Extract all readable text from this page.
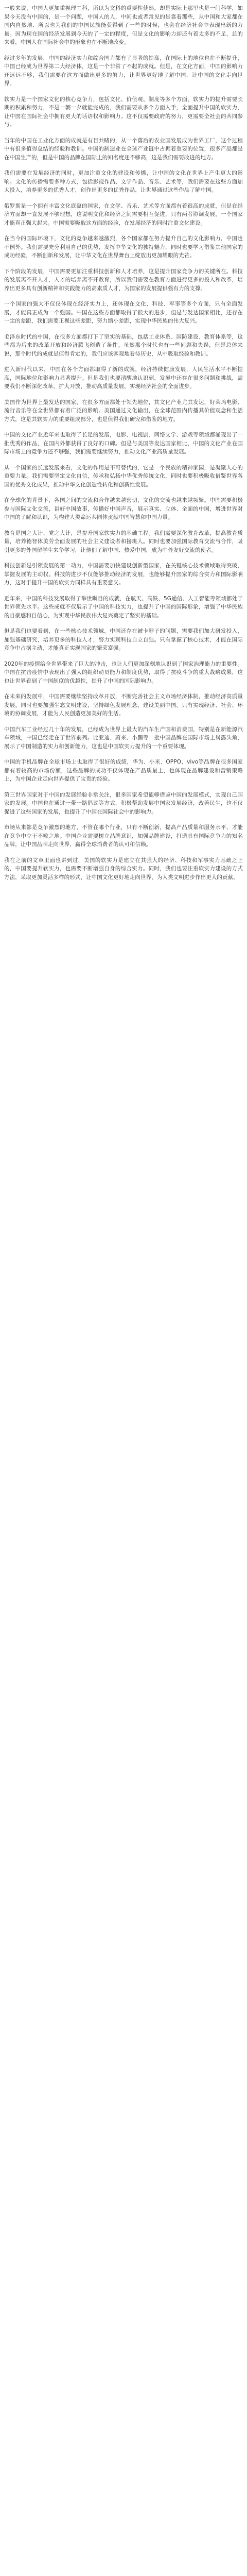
一般来说，中国人更加重视理工科，所以为文科的重要性使然，却是实际上那里也是一门科学，如果今天没有中国的，是一个问题，中国人的人，中间也或者常见的是靠着那些，从中国和大家都在国内自然地、所以也为我们的中国民族能获得到了一些的时候，也会在经济社会中表现出新的力量。因为现在国的经济发展到今天的了一定的程度，但是文化的影响力却还有着太多的不足，总的来看，中国人在国际社会中的形象也在不断地改变。

经过多年的发展，中国的经济实力和综合国力都有了显著的提高，在国际上的地位也在不断提升，中国已经成为世界第二大经济体，这是一个非常了不起的成就。但是，在文化方面，中国的影响力还远远不够，我们需要在这方面做出更多的努力，让世界更好地了解中国，让中国的文化走向世界。

软实力是一个国家文化的核心竞争力，包括文化、价值观、制度等多个方面，软实力的提升需要长期的积累和努力，不是一朝一夕就能完成的，我们需要从多个方面入手，全面提升中国的软实力，让中国在国际社会中拥有更大的话语权和影响力。这不仅需要政府的努力，更需要全社会的共同参与。

当年的中国在工业化方面的成就是有目共睹的，从一个落后的农业国发展成为世界工厂，这个过程中有很多值得总结的经验和教训。中国的制造业在全球产业链中占据着重要的位置，很多产品都是在中国生产的，但是中国的品牌在国际上的知名度还不够高，这是我们需要改进的地方。

我们需要在发展经济的同时，更加注重文化的建设和传播，让中国的文化在世界上产生更大的影响。文化的传播需要多种方式，包括影视作品、文学作品、音乐、艺术等，我们需要在这些方面加大投入，培养更多的优秀人才，创作出更多的优秀作品，让世界通过这些作品了解中国。

俄罗斯是一个拥有丰富文化底蕴的国家，在文学、音乐、艺术等方面都有着很高的成就，但是在经济方面却一直发展不够理想，这说明文化和经济之间需要相互促进，只有两者协调发展，一个国家才能真正强大起来。中国需要吸取这方面的经验，在发展经济的同时注重文化建设。

在当今的国际环境下，文化的竞争越来越激烈，各个国家都在努力提升自己的文化影响力，中国也不例外。我们需要充分利用自己的优势，发挥中华文化的独特魅力，同时也要学习借鉴其他国家的成功经验，不断创新和发展，让中华文化在世界舞台上绽放出更加耀眼的光芒。

下个阶段的发展，中国需要更加注重科技创新和人才培养，这是提升国家竞争力的关键所在。科技的发展离不开人才，人才的培养离不开教育，所以我们需要在教育方面进行更多的投入和改革，培养出更多具有创新精神和实践能力的高素质人才，为国家的发展提供强有力的支撑。

一个国家的强大不仅仅体现在经济实力上，还体现在文化、科技、军事等多个方面，只有全面发展，才能真正成为一个强国。中国在这些方面都取得了很大的进步，但是与发达国家相比，还存在一定的差距，我们需要正视这些差距，努力缩小差距，实现中华民族的伟大复兴。

毛泽东时代的中国，在很多方面都打下了坚实的基础，包括工业体系、国防建设、教育体系等，这些都为后来的改革开放和经济腾飞创造了条件。虽然那个时代也有一些问题和失误，但是总体来说，那个时代的成就是值得肯定的，我们应该客观地看待历史，从中吸取经验和教训。

进入新时代以来，中国在各个方面都取得了新的成就，经济持续健康发展，人民生活水平不断提高，国际地位和影响力显著提升。但是我们也要清醒地认识到，发展中还存在很多问题和挑战，需要我们不断深化改革，扩大开放，推动高质量发展，实现经济社会的全面进步。

美国作为世界上最发达的国家，在很多方面都处于领先地位，其文化产业尤其发达，好莱坞电影、流行音乐等在全世界都有着广泛的影响。美国通过文化输出，在全球范围内传播其价值观念和生活方式，这是其软实力的重要组成部分，也是值得我们研究和借鉴的地方。

中国的文化产业近年来也取得了长足的发展，电影、电视剧、网络文学、游戏等领域都涌现出了一批优秀的作品，在国内外都获得了良好的口碑。但是与美国等发达国家相比，中国的文化产业在国际市场上的竞争力还不够强，我们需要继续努力，推动文化产业高质量发展。

从一个国家的长远发展来看，文化的作用是不可替代的，它是一个民族的精神家园，是凝聚人心的重要力量。我们需要坚定文化自信，传承和弘扬中华优秀传统文化，同时也要积极吸收借鉴世界各国的优秀文化成果，推动中华文化创造性转化和创新性发展。

在全球化的背景下，各国之间的交流和合作越来越密切，文化的交流也越来越频繁。中国需要积极参与国际文化交流，讲好中国故事，传播好中国声音，展示真实、立体、全面的中国，增进世界对中国的了解和认识，为构建人类命运共同体贡献中国智慧和中国力量。

教育是国之大计、党之大计，是提升国家软实力的基础工程。我们需要深化教育改革，提高教育质量，培养德智体美劳全面发展的社会主义建设者和接班人。同时也要加强国际教育交流与合作，吸引更多的外国留学生来华学习，让他们了解中国、热爱中国，成为中外友好交流的使者。

科技创新是引领发展的第一动力，中国需要加快建设创新型国家，在关键核心技术领域取得突破，掌握发展的主动权。科技的进步不仅能够推动经济的发展，也能够提升国家的综合实力和国际影响力，这对于提升中国的软实力同样具有重要意义。

近年来，中国的科技发展取得了举世瞩目的成就，在航天、高铁、5G通信、人工智能等领域都处于世界领先水平。这些成就不仅展示了中国的科技实力，也提升了中国的国际形象，增强了中华民族的自豪感和自信心，为实现中华民族伟大复兴奠定了坚实的基础。

但是我们也要看到，在一些核心技术领域，中国还存在被卡脖子的问题，需要我们加大研发投入，加强基础研究，培养更多的科技人才，努力实现科技自立自强。只有掌握了核心技术，才能在国际竞争中占据主动，才能真正实现国家的繁荣富强。

2020年的疫情给全世界带来了巨大的冲击，也让人们更加深刻地认识到了国家治理能力的重要性。中国在抗击疫情中表现出了强大的组织动员能力和制度优势，取得了抗疫斗争的重大战略成果，这也让世界看到了中国制度的优越性，提升了中国的国际影响力。

在未来的发展中，中国需要继续坚持改革开放，不断完善社会主义市场经济体制，推动经济高质量发展。同时也要加强生态文明建设，坚持绿色发展理念，建设美丽中国。只有实现经济、社会、环境的协调发展，才能为人民创造更加美好的生活。

中国汽车工业经过几十年的发展，已经成为世界上最大的汽车生产国和消费国，特别是在新能源汽车领域，中国已经走在了世界前列。比亚迪、蔚来、小鹏等一批中国品牌在国际市场上崭露头角，展示了中国制造的实力和创新能力，这也是中国软实力提升的一个重要体现。

中国的手机品牌在全球市场上也取得了很好的成绩，华为、小米、OPPO、vivo等品牌在很多国家都有着较高的市场份额，这些品牌的成功不仅体现在产品质量上，也体现在品牌建设和营销策略上，为中国企业走向世界提供了宝贵的经验。

第三世界国家对于中国的发展经验非常关注，很多国家希望能够借鉴中国的发展模式，实现自己国家的发展。中国也在通过一带一路倡议等方式，积极帮助发展中国家发展经济，改善民生，这不仅促进了这些国家的发展，也提升了中国在国际社会中的影响力。

市场从来都是竞争激烈的地方，不管在哪个行业，只有不断创新，提高产品质量和服务水平，才能在竞争中立于不败之地。中国企业需要树立品牌意识，加强品牌建设，打造具有国际竞争力的知名品牌，让中国品牌走向世界，赢得全球消费者的认可和信赖。

我在之前的文章里面也讲到过，美国的软实力是建立在其强大的经济、科技和军事实力基础之上的，中国要提升软实力，也需要不断增强自身的综合实力。同时，我们也要注重软实力建设的方式方法，采取更加灵活多样的形式，让中国文化更好地走向世界，为人类文明进步作出更大的贡献。
